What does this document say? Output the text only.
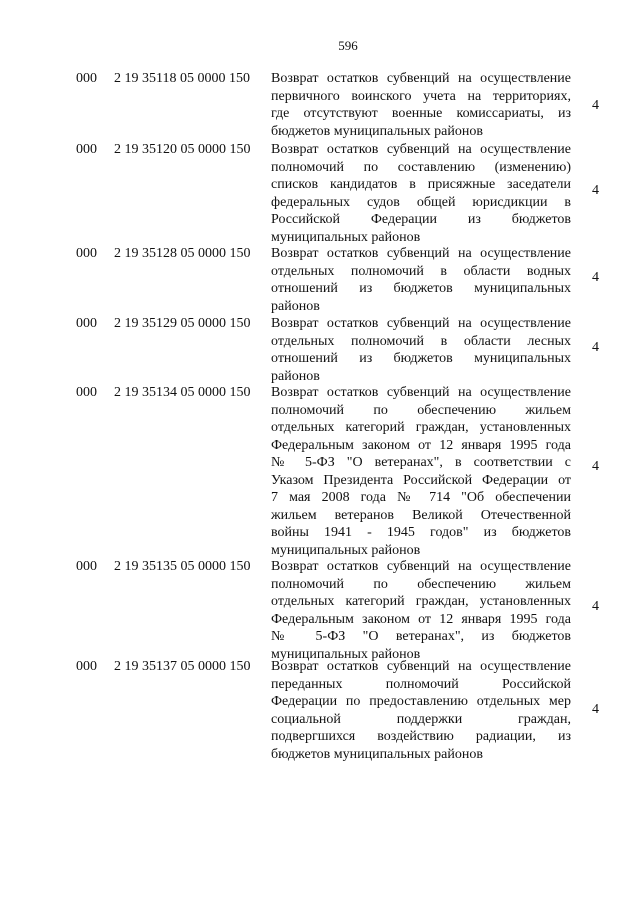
596
000 2 19 35118 05 0000 150 Возврат остатков субвенций на осуществление
первичного воинского учета на территориях,
где отсутствуют военные комиссариаты, из
бюджетов муниципальных районов
4
000 2 19 35120 05 0000 150 Возврат остатков субвенций на осуществление
полномочий по составлению (изменению)
списков кандидатов в присяжные заседатели
федеральных судов общей юрисдикции в
Российской Федерации из бюджетов
муниципальных районов
4
000 2 19 35128 05 0000 150 Возврат остатков субвенций на осуществление
отдельных полномочий в области водных
отношений из бюджетов муниципальных
районов
4
000 2 19 35129 05 0000 150 Возврат остатков субвенций на осуществление
отдельных полномочий в области лесных
отношений из бюджетов муниципальных
районов
4
000 2 19 35134 05 0000 150 Возврат остатков субвенций на осуществление
полномочий по обеспечению жильем
отдельных категорий граждан, установленных
Федеральным законом от 12 января 1995 года
№ 5-ФЗ "О ветеранах", в соответствии с
Указом Президента Российской Федерации от
7 мая 2008 года № 714 "Об обеспечении
жильем ветеранов Великой Отечественной
войны 1941 - 1945 годов" из бюджетов
муниципальных районов
4
000 2 19 35135 05 0000 150 Возврат остатков субвенций на осуществление
полномочий по обеспечению жильем
отдельных категорий граждан, установленных
Федеральным законом от 12 января 1995 года
№ 5-ФЗ "О ветеранах", из бюджетов
муниципальных районов
4
000 2 19 35137 05 0000 150 Возврат остатков субвенций на осуществление
переданных полномочий Российской
Федерации по предоставлению отдельных мер
социальной поддержки граждан,
подвергшихся воздействию радиации, из
бюджетов муниципальных районов
4
